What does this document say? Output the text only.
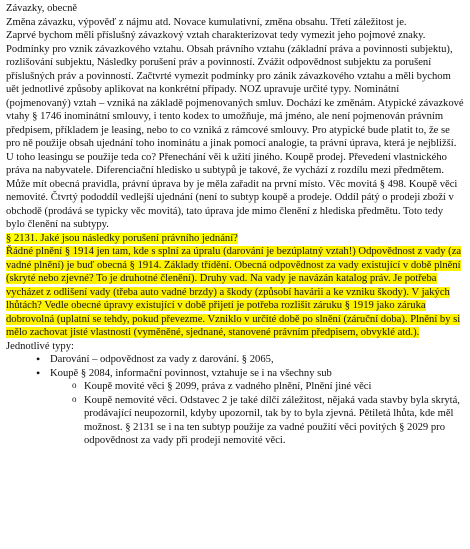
Závazky, obecně

Změna závazku, výpověď z nájmu atd. Novace kumulativní, změna obsahu. Třetí záležitost je.

Zaprvé bychom měli příslušný závazkový vztah charakterizovat tedy vymezit jeho pojmové znaky. Podmínky pro vznik závazkového vztahu. Obsah právního vztahu (základní práva a povinnosti subjektu), rozlišování subjektu, Následky porušení práv a povinností. Zvážit odpovědnost subjektu za porušení příslušných práv a povinností. Začtvrté vymezit podmínky pro zánik závazkového vztahu a měli bychom uět jednotlivé způsoby aplikovat na konkrétní případy. NOZ upravuje určité typy. Nominátní (pojmenovaný) vztah – vzniká na základě pojmenovaných smluv. Dochází ke změnám. Atypické závazkové vtahy § 1746 inominátní smlouvy, i tento kodex to umožňuje, má jméno, ale není pojmenován právním předpisem, příkladem je leasing, nebo to co vzniká z rámcové smlouvy. Pro atypické bude platit to, že se pro ně použije obsah ujednání toho inominátu a jinak pomocí analogie, ta právní úprava, která je nejbližší. U toho leasingu se použije teda co? Přenechání věi k užití jiného. Koupě prodej. Převedení vlastnického práva na nabyvatele. Diferenciační hledisko u subtypů je takové, že vychází z rozdílu mezi předmětem. Může mít obecná pravidla, právní úprava by je měla zařadit na první místo. Věc movitá § 498. Koupě věci nemovité. Čtvrtý pododdíl vedlejší ujednání (není to subtyp koupě a prodeje. Oddíl pátý o prodeji zboží v obchodě (prodává se typicky věc movitá), tato úprava jde mimo členění z hlediska předmětu. Toto tedy bylo členění na subtypy.

§ 2131. Jaké jsou následky porušení právního jednání?

Řádné plnění § 1914 jen tam, kde s splní za úpralu (darování je bezúplatný vztah!) Odpovědnost z vady (za vadné plnění) je buď obecná § 1914. Základy třídění. Obecná odpovědnost za vady existující v době plnění (skryté nebo zjevné? To je druhotné členění). Druhy vad. Na vady je navázán katalog práv. Je potřeba vycházet z odlišení vady (třeba auto vadné brzdy) a škody (způsobí havárii a ke vzniku škody). V jakých lhůtách? Vedle obecné úpravy existující v době přijetí je potřeba rozlišit záruku § 1919 jako záruka dobrovolná (uplatní se tehdy, pokud převezme. Vzniklo v určité době po slnění (záruční doba). Plnění by si mělo zachovat jisté vlastnosti (vyměněné, sjednané, stanovené právním předpisem, obvyklé atd.).

Jednotlivé typy:

• Darování – odpovědnost za vady z darování. § 2065,
• Koupě § 2084, informační povinnost, vztahuje se i na všechny sub
o Koupě movité věci § 2099, práva z vadného plnění, Plnění jiné věci
o Koupě nemovité věci. Odstavec 2 je také dílčí záležitost, nějaká vada stavby byla skrytá, prodávající neupozornil, kdyby upozornil, tak by to byla zjevná. Pětiletá lhůta, kde měl možnost. § 2131 se i na ten subtyp použije za vadné použití věci povitých § 2029 pro odpovědnost za vady při prodeji nemovité věci.
